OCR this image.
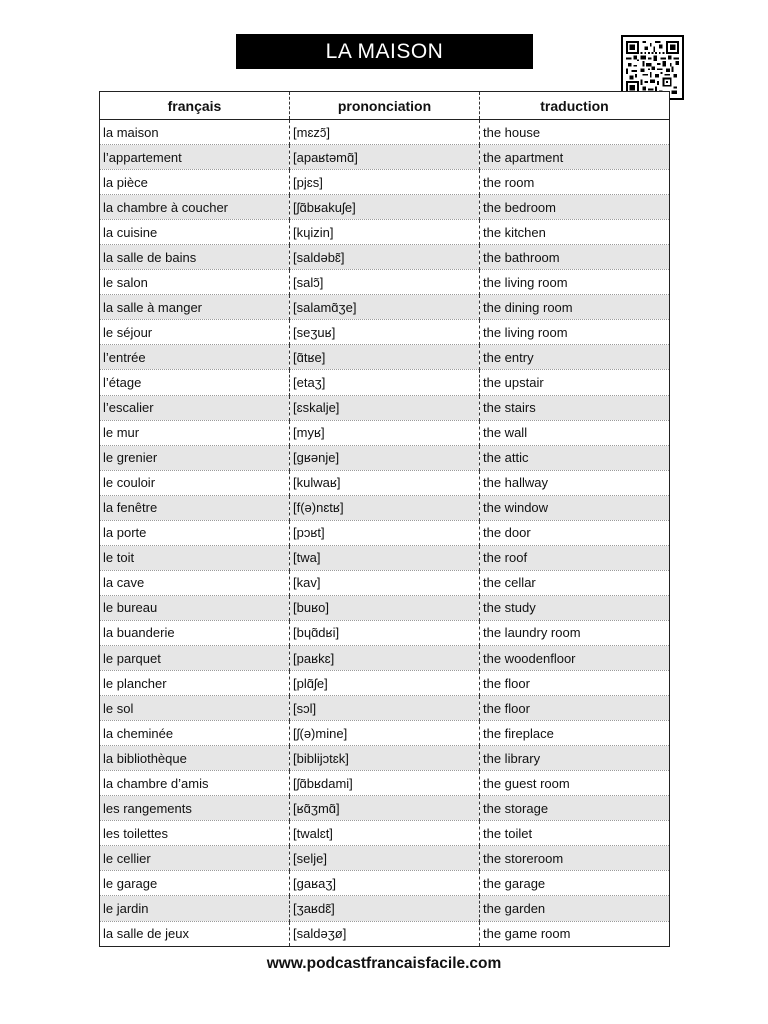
LA MAISON
français	prononciation	traduction
la maison	[mɛzɔ̃]	the house
l’appartement	[apaʁtəmɑ̃]	the apartment
la pièce	[pjɛs]	the room
la chambre à coucher	[ʃɑ̃bʁakuʃe]	the bedroom
la cuisine	[kɥizin]	the kitchen
la salle de bains	[saldəbɛ̃]	the bathroom
le salon	[salɔ̃]	the living room
la salle à manger	[salamɑ̃ʒe]	the dining room
le séjour	[seʒuʁ]	the living room
l’entrée	[ɑ̃tʁe]	the entry
l’étage	[etaʒ]	the upstair
l’escalier	[ɛskalje]	the stairs
le mur	[myʁ]	the wall
le grenier	[gʁənje]	the attic
le couloir	[kulwaʁ]	the hallway
la fenêtre	[f(ə)nɛtʁ]	the window
la porte	[pɔʁt]	the door
le toit	[twa]	the roof
la cave	[kav]	the cellar
le bureau	[buʁo]	the study
la buanderie	[bɥɑ̃dʁi]	the laundry room
le parquet	[paʁkɛ]	the woodenfloor
le plancher	[plɑ̃ʃe]	the floor
le sol	[sɔl]	the floor
la cheminée	[ʃ(ə)mine]	the fireplace
la bibliothèque	[biblijɔtɛk]	the library
la chambre d’amis	[ʃɑ̃bʁdami]	the guest room
les rangements	[ʁɑ̃ʒmɑ̃]	the storage
les toilettes	[twalɛt]	the toilet
le cellier	[selje]	the storeroom
le garage	[gaʁaʒ]	the garage
le jardin	[ʒaʁdɛ̃]	the garden
la salle de jeux	[saldəʒø]	the game room
www.podcastfrancaisfacile.com
